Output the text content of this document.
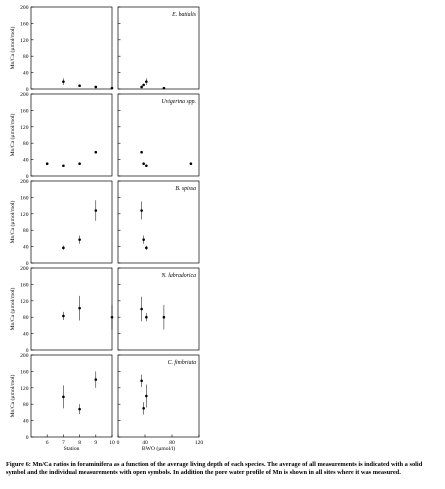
0
40
80
120
160
200
Mn/Ca (µmol/mol)
E. batialis
0
40
80
120
160
200
Mn/Ca (µmol/mol)
Uvigerina spp.
0
40
80
120
160
200
Mn/Ca (µmol/mol)
B. spissa
0
40
80
120
160
200
Mn/Ca (µmol/mol)
N. labradorica
0
40
80
120
160
200
Mn/Ca (µmol/mol)
C. fimbriata
6 7 8 9 10 0	40	80	120
Station	BWO (µmol/l)
Figure 6: Mn/Ca ratios in foraminifera as a function of the average living depth of each species. The average of all measurements is indicated with a solid symbol and the individual measurements with open symbols. In addition the pore water profile of Mn is shown in all sites where it was measured.
